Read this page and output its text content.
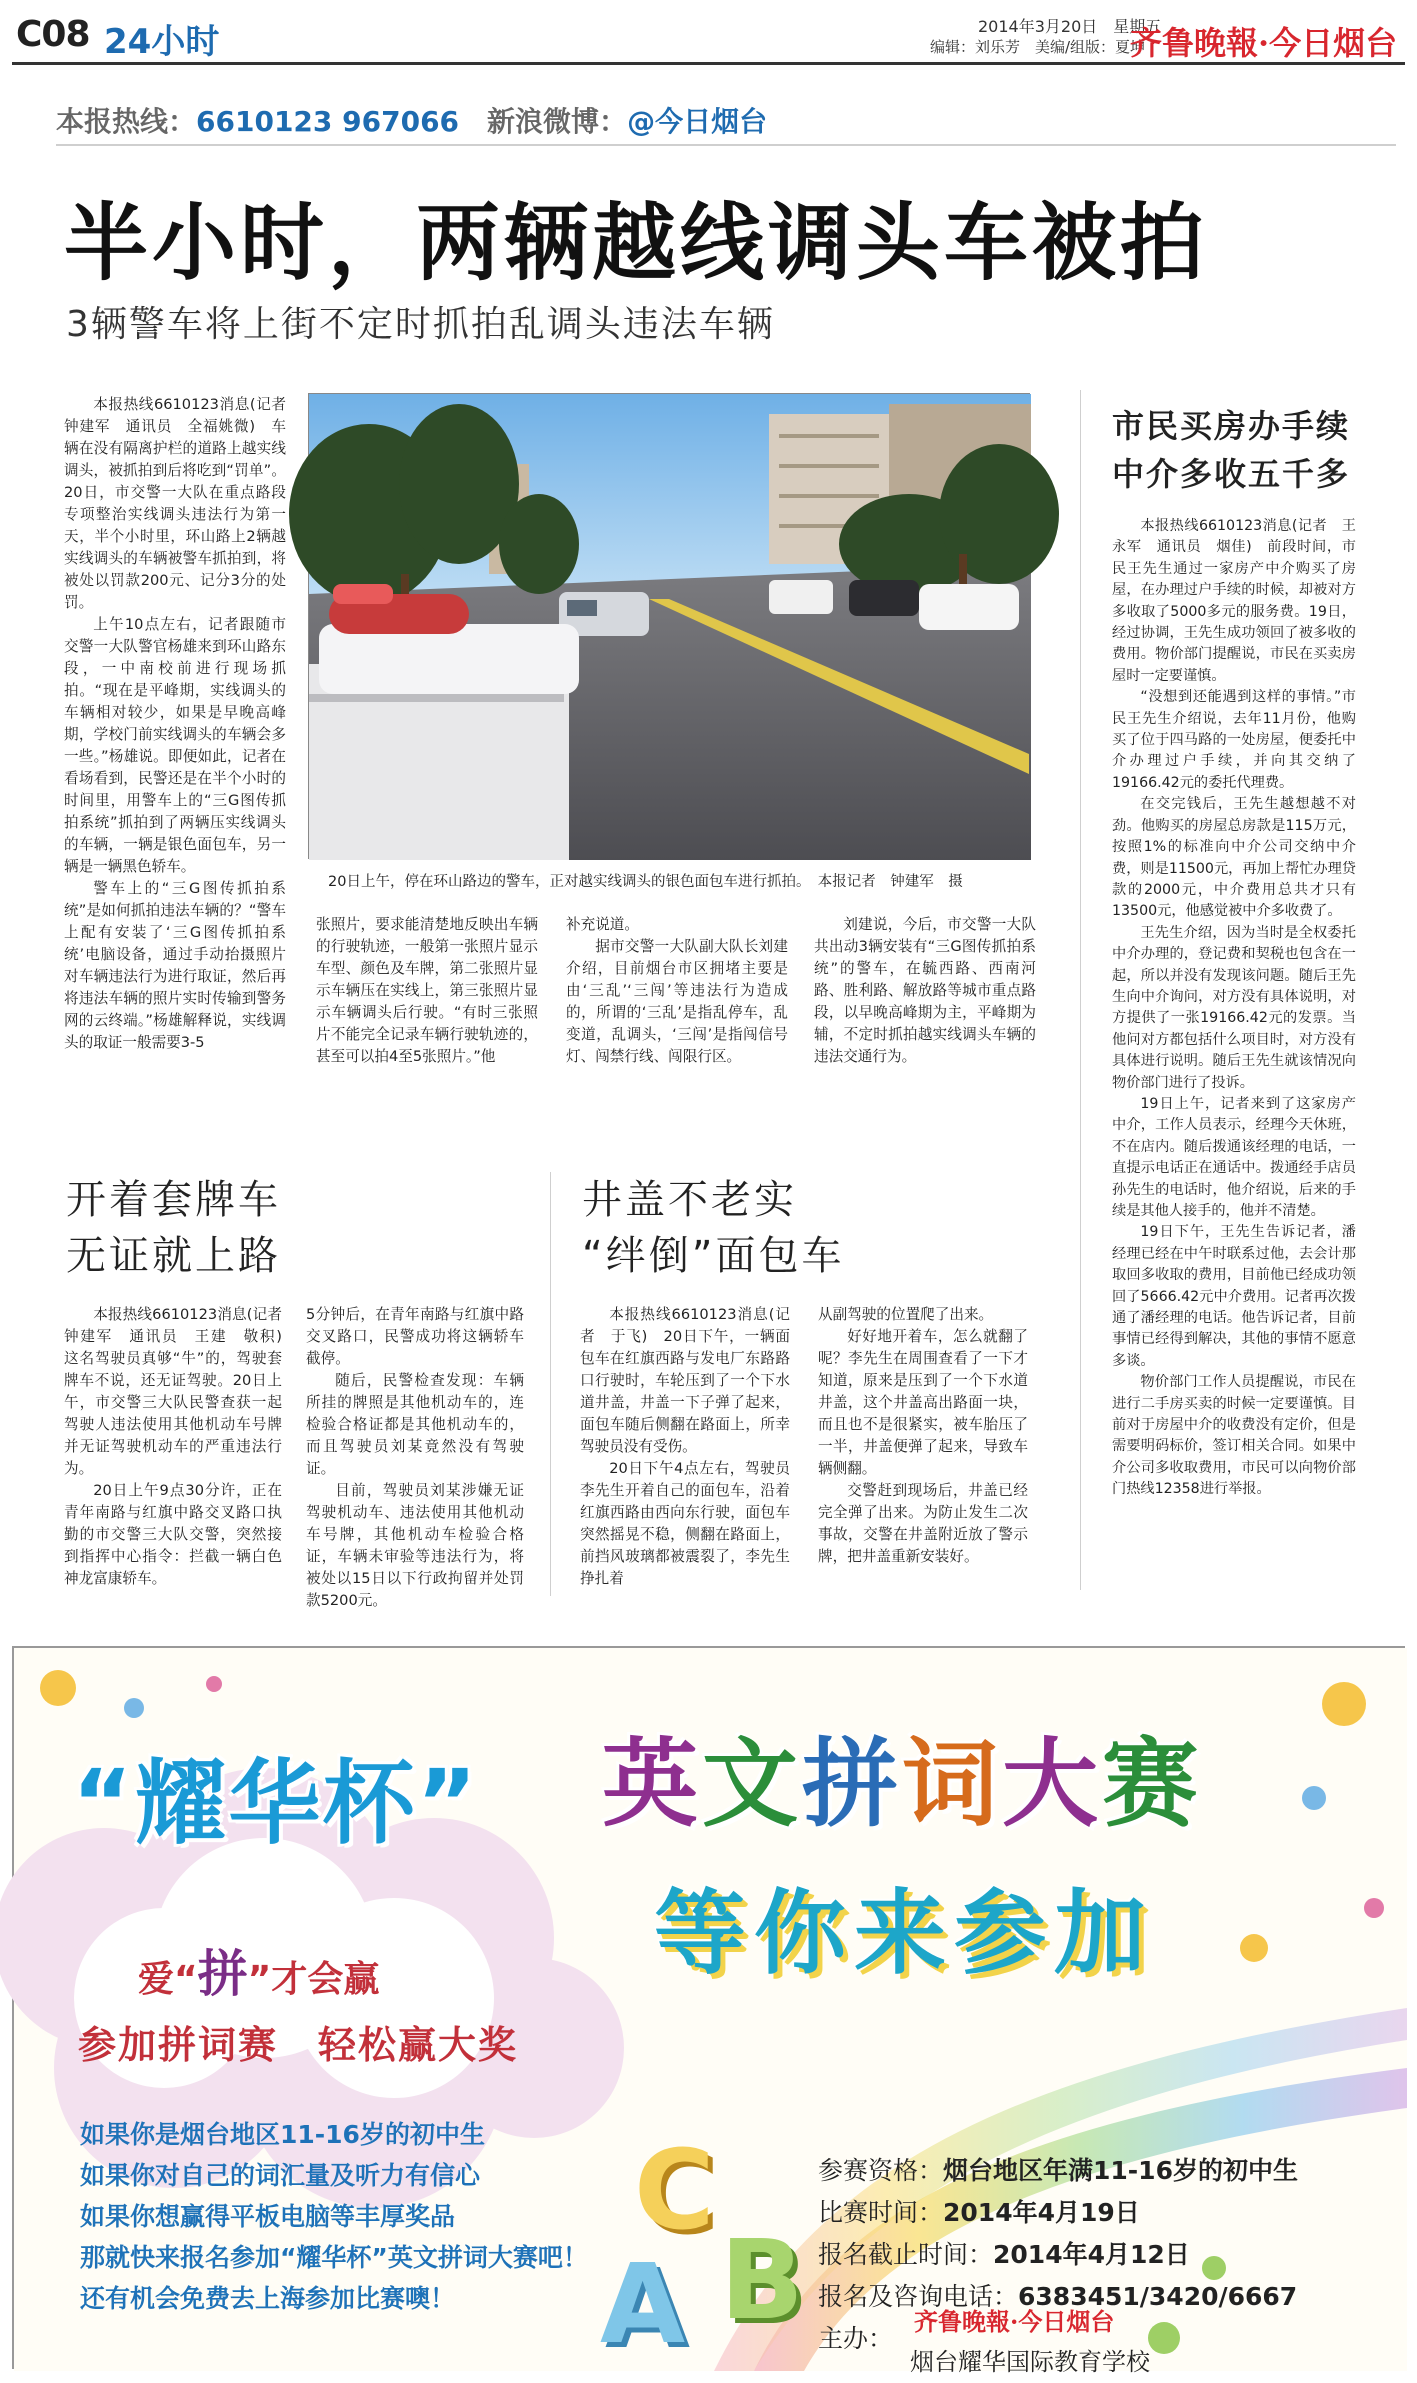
C08 24小时	2014年3月20日　星期五
编辑：刘乐芳　美编/组版：夏坤
齐鲁晚報·今日烟台
本报热线：6610123 967066 新浪微博：@今日烟台
半小时，两辆越线调头车被拍
3辆警车将上街不定时抓拍乱调头违法车辆

本报热线6610123消息(记者　钟建军　通讯员　全福姚微)　车辆在没有隔离护栏的道路上越实线调头，被抓拍到后将吃到“罚单”。20日，市交警一大队在重点路段专项整治实线调头违法行为第一天，半个小时里，环山路上2辆越实线调头的车辆被警车抓拍到，将被处以罚款200元、记分3分的处罚。

上午10点左右，记者跟随市交警一大队警官杨雄来到环山路东段，一中南校前进行现场抓拍。“现在是平峰期，实线调头的车辆相对较少，如果是早晚高峰期，学校门前实线调头的车辆会多一些。”杨雄说。即便如此，记者在看场看到，民警还是在半个小时的时间里，用警车上的“三G图传抓拍系统”抓拍到了两辆压实线调头的车辆，一辆是银色面包车，另一辆是一辆黑色轿车。

警车上的“三G图传抓拍系统”是如何抓拍违法车辆的？“警车上配有安装了‘三G图传抓拍系统’电脑设备，通过手动抬摄照片对车辆违法行为进行取证，然后再将违法车辆的照片实时传输到警务网的云终端。”杨雄解释说，实线调头的取证一般需要3-5

20日上午，停在环山路边的警车，正对越实线调头的银色面包车进行抓拍。　本报记者　钟建军　摄

张照片，要求能清楚地反映出车辆的行驶轨迹，一般第一张照片显示车型、颜色及车牌，第二张照片显示车辆压在实线上，第三张照片显示车辆调头后行驶。“有时三张照片不能完全记录车辆行驶轨迹的，甚至可以拍4至5张照片。”他

补充说道。

据市交警一大队副大队长刘建介绍，目前烟台市区拥堵主要是由‘三乱’‘三闯’等违法行为造成的，所谓的‘三乱’是指乱停车，乱变道，乱调头，‘三闯’是指闯信号灯、闯禁行线、闯限行区。

刘建说，今后，市交警一大队共出动3辆安装有“三G图传抓拍系统”的警车，在毓西路、西南河路、胜利路、解放路等城市重点路段，以早晚高峰期为主，平峰期为辅，不定时抓拍越实线调头车辆的违法交通行为。

市民买房办手续
中介多收五千多

本报热线6610123消息(记者　王永军　通讯员　烟佳)　前段时间，市民王先生通过一家房产中介购买了房屋，在办理过户手续的时候，却被对方多收取了5000多元的服务费。19日，经过协调，王先生成功领回了被多收的费用。物价部门提醒说，市民在买卖房屋时一定要谨慎。

“没想到还能遇到这样的事情。”市民王先生介绍说，去年11月份，他购买了位于四马路的一处房屋，便委托中介办理过户手续，并向其交纳了19166.42元的委托代理费。

在交完钱后，王先生越想越不对劲。他购买的房屋总房款是115万元，按照1%的标准向中介公司交纳中介费，则是11500元，再加上帮忙办理贷款的2000元，中介费用总共才只有13500元，他感觉被中介多收费了。

王先生介绍，因为当时是全权委托中介办理的，登记费和契税也包含在一起，所以并没有发现该问题。随后王先生向中介询问，对方没有具体说明，对方提供了一张19166.42元的发票。当他问对方都包括什么项目时，对方没有具体进行说明。随后王先生就该情况向物价部门进行了投诉。

19日上午，记者来到了这家房产中介，工作人员表示，经理今天休班，不在店内。随后拨通该经理的电话，一直提示电话正在通话中。拨通经手店员孙先生的电话时，他介绍说，后来的手续是其他人接手的，他并不清楚。

19日下午，王先生告诉记者，潘经理已经在中午时联系过他，去会计那取回多收取的费用，目前他已经成功领回了5666.42元中介费用。记者再次拨通了潘经理的电话。他告诉记者，目前事情已经得到解决，其他的事情不愿意多谈。

物价部门工作人员提醒说，市民在进行二手房买卖的时候一定要谨慎。目前对于房屋中介的收费没有定价，但是需要明码标价，签订相关合同。如果中介公司多收取费用，市民可以向物价部门热线12358进行举报。

开着套牌车
无证就上路

本报热线6610123消息(记者　钟建军　通讯员　王建　敬积)　这名驾驶员真够“牛”的，驾驶套牌车不说，还无证驾驶。20日上午，市交警三大队民警查获一起驾驶人违法使用其他机动车号牌并无证驾驶机动车的严重违法行为。

20日上午9点30分许，正在青年南路与红旗中路交叉路口执勤的市交警三大队交警，突然接到指挥中心指令：拦截一辆白色神龙富康轿车。

5分钟后，在青年南路与红旗中路交叉路口，民警成功将这辆轿车截停。

随后，民警检查发现：车辆所挂的牌照是其他机动车的，连检验合格证都是其他机动车的，而且驾驶员刘某竟然没有驾驶证。

目前，驾驶员刘某涉嫌无证驾驶机动车、违法使用其他机动车号牌，其他机动车检验合格证，车辆未审验等违法行为，将被处以15日以下行政拘留并处罚款5200元。

井盖不老实
“绊倒”面包车

本报热线6610123消息(记者　于飞)　20日下午，一辆面包车在红旗西路与发电厂东路路口行驶时，车轮压到了一个下水道井盖，井盖一下子弹了起来，面包车随后侧翻在路面上，所幸驾驶员没有受伤。

20日下午4点左右，驾驶员李先生开着自己的面包车，沿着红旗西路由西向东行驶，面包车突然摇晃不稳，侧翻在路面上，前挡风玻璃都被震裂了，李先生挣扎着

从副驾驶的位置爬了出来。

好好地开着车，怎么就翻了呢？李先生在周围查看了一下才知道，原来是压到了一个下水道井盖，这个井盖高出路面一块，而且也不是很紧实，被车胎压了一半，井盖便弹了起来，导致车辆侧翻。

交警赶到现场后，井盖已经完全弹了出来。为防止发生二次事故，交警在井盖附近放了警示牌，把井盖重新安装好。

“耀华杯” 英文拼词大赛
等你来参加
爱“拼”才会赢
参加拼词赛　轻松赢大奖
如果你是烟台地区11-16岁的初中生
如果你对自己的词汇量及听力有信心
如果你想赢得平板电脑等丰厚奖品
那就快来报名参加“耀华杯”英文拼词大赛吧！
还有机会免费去上海参加比赛噢！
参赛资格：烟台地区年满11-16岁的初中生
比赛时间：2014年4月19日
报名截止时间：2014年4月12日
报名及咨询电话：6383451/3420/6667
主办：
齐鲁晚報·今日烟台
烟台耀华国际教育学校
C
A B
